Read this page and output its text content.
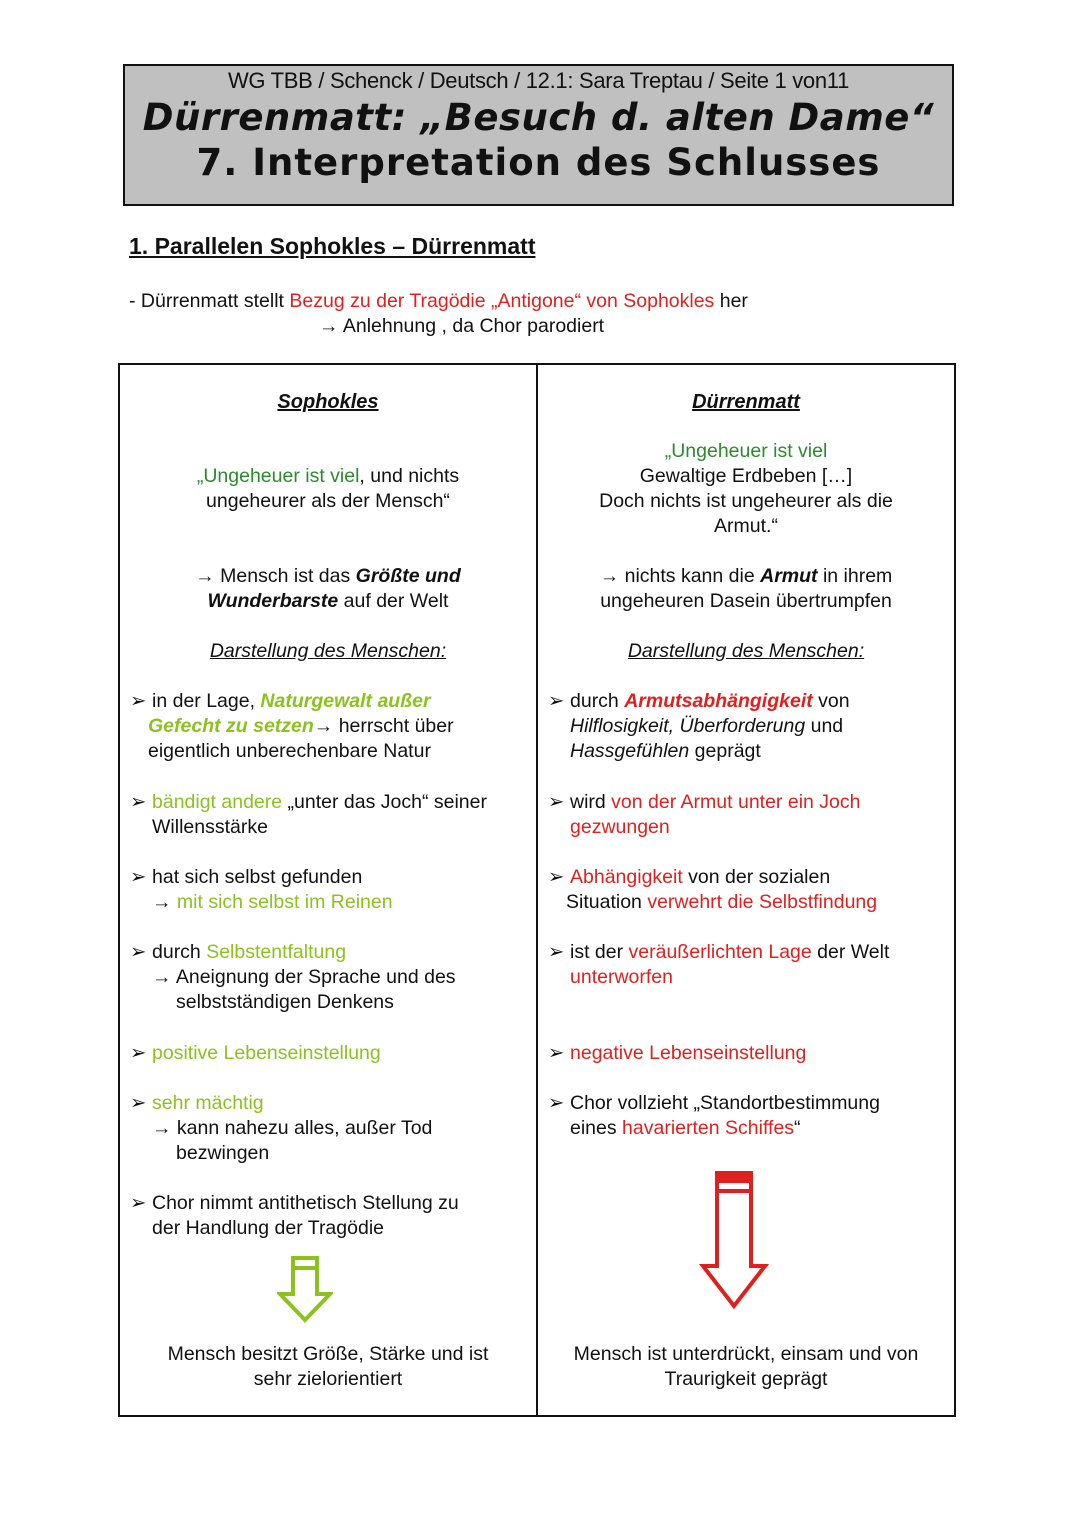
WG TBB / Schenck / Deutsch / 12.1: Sara Treptau / Seite 1 von11
Dürrenmatt: „Besuch d. alten Dame“
7. Interpretation des Schlusses
1. Parallelen Sophokles – Dürrenmatt
- Dürrenmatt stellt Bezug zu der Tragödie „Antigone“ von Sophokles her
→ Anlehnung , da Chor parodiert
Sophokles
„Ungeheuer ist viel, und nichts
ungeheurer als der Mensch“
→ Mensch ist das Größte und
Wunderbarste auf der Welt
Darstellung des Menschen:
➢ in der Lage, Naturgewalt außer
Gefecht zu setzen→ herrscht über
eigentlich unberechenbare Natur
➢ bändigt andere „unter das Joch“ seiner
Willensstärke
➢ hat sich selbst gefunden
→ mit sich selbst im Reinen
➢ durch Selbstentfaltung
→ Aneignung der Sprache und des
selbstständigen Denkens
➢ positive Lebenseinstellung
➢ sehr mächtig
→ kann nahezu alles, außer Tod
bezwingen
➢ Chor nimmt antithetisch Stellung zu
der Handlung der Tragödie
Mensch besitzt Größe, Stärke und ist
sehr zielorientiert
Dürrenmatt
„Ungeheuer ist viel
Gewaltige Erdbeben […]
Doch nichts ist ungeheurer als die
Armut.“
→ nichts kann die Armut in ihrem
ungeheuren Dasein übertrumpfen
Darstellung des Menschen:
➢ durch Armutsabhängigkeit von
Hilflosigkeit, Überforderung und
Hassgefühlen geprägt
➢ wird von der Armut unter ein Joch
gezwungen
➢ Abhängigkeit von der sozialen
Situation verwehrt die Selbstfindung
➢ ist der veräußerlichten Lage der Welt
unterworfen
➢ negative Lebenseinstellung
➢ Chor vollzieht „Standortbestimmung
eines havarierten Schiffes“
Mensch ist unterdrückt, einsam und von
Traurigkeit geprägt
